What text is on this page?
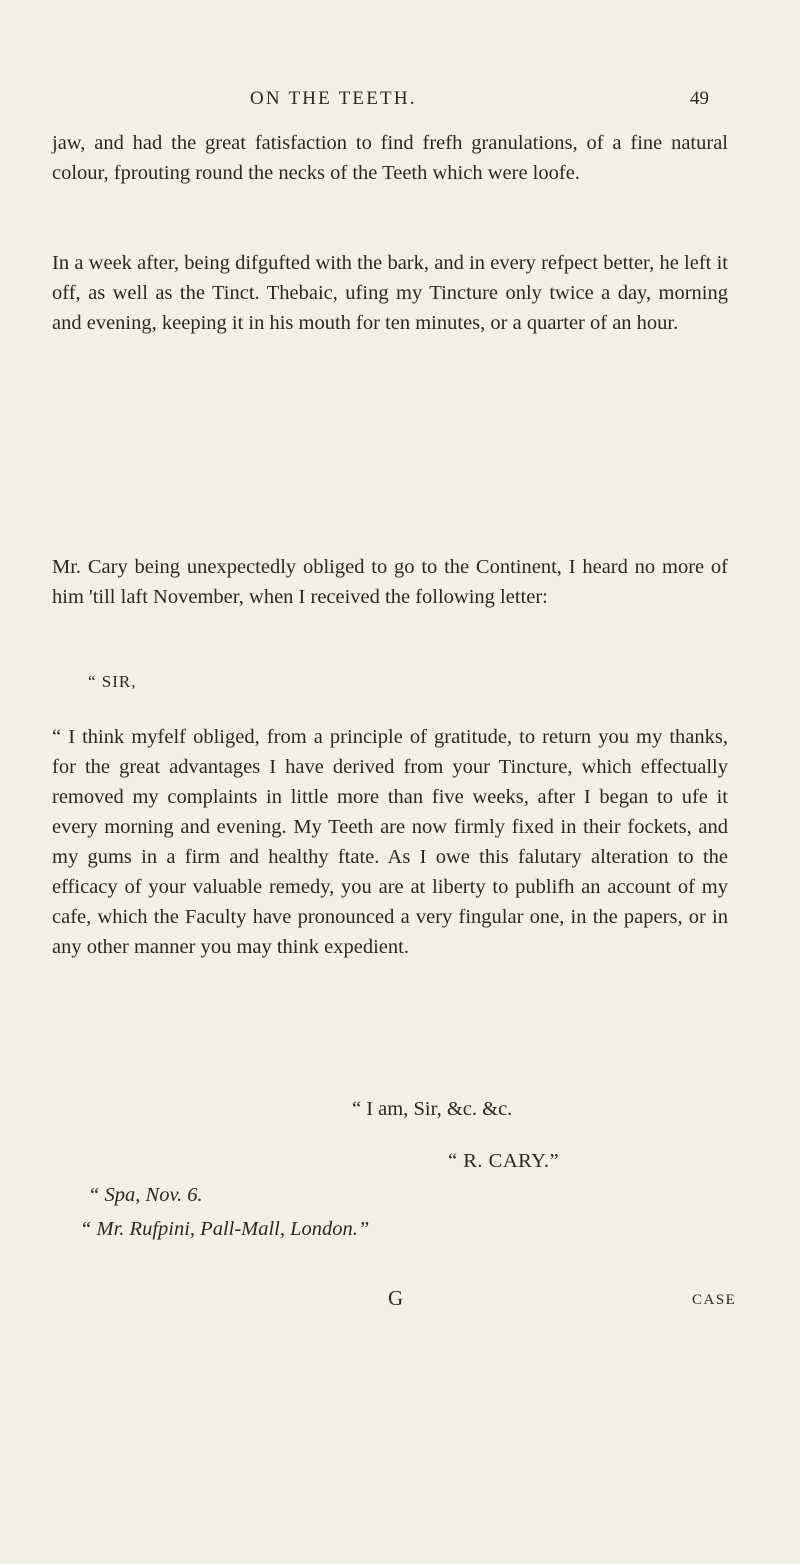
ON THE TEETH.	49

jaw, and had the great fatisfaction to find frefh granulations, of a fine natural colour, fprouting round the necks of the Teeth which were loofe.

In a week after, being difgufted with the bark, and in every refpect better, he left it off, as well as the Tinct. Thebaic, ufing my Tincture only twice a day, morning and evening, keeping it in his mouth for ten minutes, or a quarter of an hour.

Mr. Cary being unexpectedly obliged to go to the Continent, I heard no more of him 'till laft November, when I received the following letter:

“ SIR,

“ I think myfelf obliged, from a principle of gratitude, to return you my thanks, for the great advantages I have derived from your Tincture, which effectually removed my complaints in little more than five weeks, after I began to ufe it every morning and evening. My Teeth are now firmly fixed in their fockets, and my gums in a firm and healthy ftate. As I owe this falutary alteration to the efficacy of your valuable remedy, you are at liberty to publifh an account of my cafe, which the Faculty have pronounced a very fingular one, in the papers, or in any other manner you may think expedient.

“ I am, Sir, &c. &c.
“ R. CARY.”
“ Spa, Nov. 6.
“ Mr. Rufpini, Pall-Mall, London.”
G	CASE
